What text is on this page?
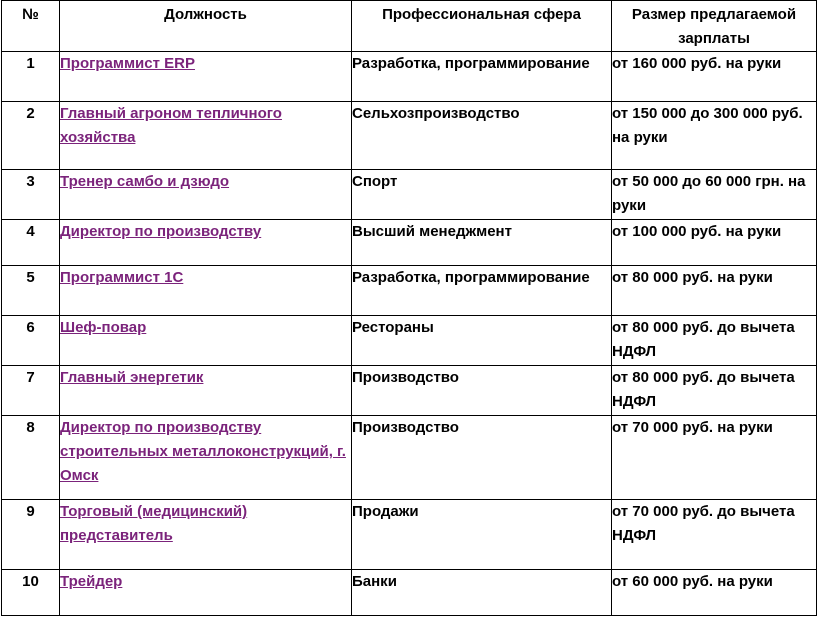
№	Должность	Профессиональная сфера	Размер предлагаемой зарплаты
1	Программист ERP	Разработка, программирование	от 160 000 руб. на руки
2	Главный агроном тепличного хозяйства	Сельхозпроизводство	от 150 000 до 300 000 руб. на руки
3	Тренер самбо и дзюдо	Спорт	от 50 000 до 60 000 грн. на руки
4	Директор по производству	Высший менеджмент	от 100 000 руб. на руки
5	Программист 1С	Разработка, программирование	от 80 000 руб. на руки
6	Шеф-повар	Рестораны	от 80 000 руб. до вычета НДФЛ
7	Главный энергетик	Производство	от 80 000 руб. до вычета НДФЛ
8	Директор по производству строительных металлоконструкций, г. Омск	Производство	от 70 000 руб. на руки
9	Торговый (медицинский) представитель	Продажи	от 70 000 руб. до вычета НДФЛ
10	Трейдер	Банки	от 60 000 руб. на руки
